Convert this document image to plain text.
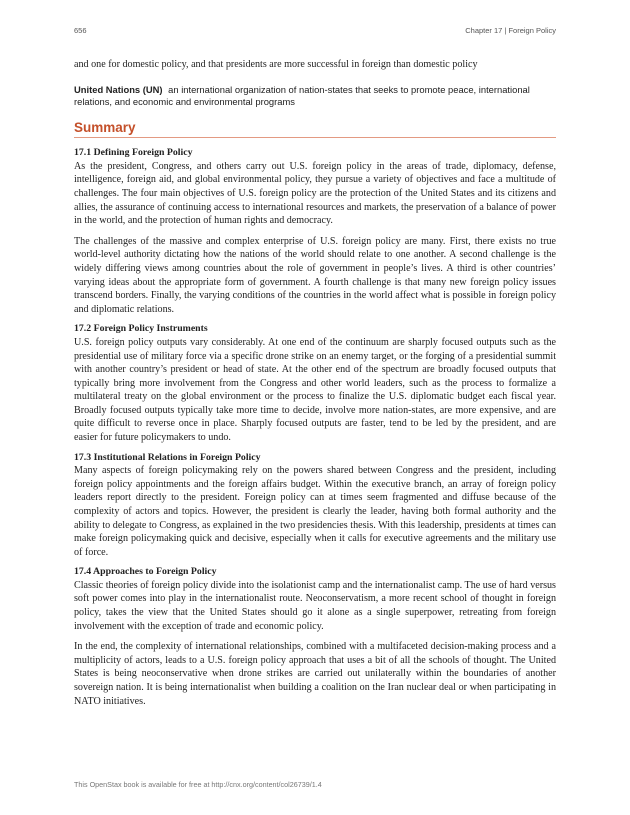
656	Chapter 17 | Foreign Policy

and one for domestic policy, and that presidents are more successful in foreign than domestic policy

United Nations (UN) an international organization of nation-states that seeks to promote peace, international relations, and economic and environmental programs

Summary
17.1 Defining Foreign Policy

As the president, Congress, and others carry out U.S. foreign policy in the areas of trade, diplomacy, defense, intelligence, foreign aid, and global environmental policy, they pursue a variety of objectives and face a multitude of challenges. The four main objectives of U.S. foreign policy are the protection of the United States and its citizens and allies, the assurance of continuing access to international resources and markets, the preservation of a balance of power in the world, and the protection of human rights and democracy.

The challenges of the massive and complex enterprise of U.S. foreign policy are many. First, there exists no true world-level authority dictating how the nations of the world should relate to one another. A second challenge is the widely differing views among countries about the role of government in people’s lives. A third is other countries’ varying ideas about the appropriate form of government. A fourth challenge is that many new foreign policy issues transcend borders. Finally, the varying conditions of the countries in the world affect what is possible in foreign policy and diplomatic relations.

17.2 Foreign Policy Instruments

U.S. foreign policy outputs vary considerably. At one end of the continuum are sharply focused outputs such as the presidential use of military force via a specific drone strike on an enemy target, or the forging of a presidential summit with another country’s president or head of state. At the other end of the spectrum are broadly focused outputs that typically bring more involvement from the Congress and other world leaders, such as the process to formalize a multilateral treaty on the global environment or the process to finalize the U.S. diplomatic budget each fiscal year. Broadly focused outputs typically take more time to decide, involve more nation-states, are more expensive, and are quite difficult to reverse once in place. Sharply focused outputs are faster, tend to be led by the president, and are easier for future policymakers to undo.

17.3 Institutional Relations in Foreign Policy

Many aspects of foreign policymaking rely on the powers shared between Congress and the president, including foreign policy appointments and the foreign affairs budget. Within the executive branch, an array of foreign policy leaders report directly to the president. Foreign policy can at times seem fragmented and diffuse because of the complexity of actors and topics. However, the president is clearly the leader, having both formal authority and the ability to delegate to Congress, as explained in the two presidencies thesis. With this leadership, presidents at times can make foreign policymaking quick and decisive, especially when it calls for executive agreements and the military use of force.

17.4 Approaches to Foreign Policy

Classic theories of foreign policy divide into the isolationist camp and the internationalist camp. The use of hard versus soft power comes into play in the internationalist route. Neoconservatism, a more recent school of thought in foreign policy, takes the view that the United States should go it alone as a single superpower, retreating from foreign involvement with the exception of trade and economic policy.

In the end, the complexity of international relationships, combined with a multifaceted decision-making process and a multiplicity of actors, leads to a U.S. foreign policy approach that uses a bit of all the schools of thought. The United States is being neoconservative when drone strikes are carried out unilaterally within the boundaries of another sovereign nation. It is being internationalist when building a coalition on the Iran nuclear deal or when participating in NATO initiatives.

This OpenStax book is available for free at http://cnx.org/content/col26739/1.4
